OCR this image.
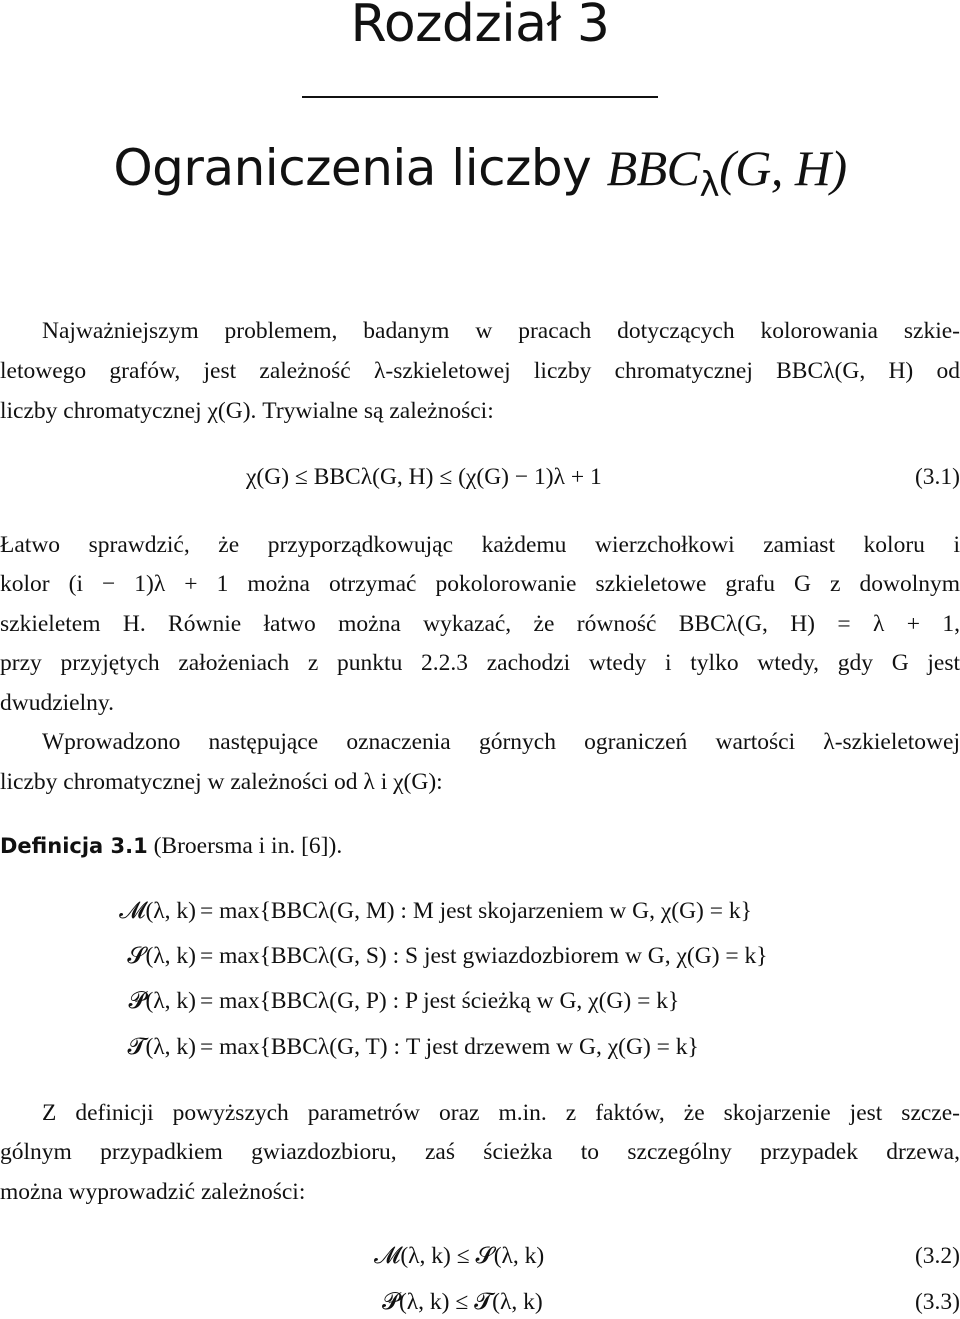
Rozdział 3
Ograniczenia liczby $BBC_\lambda(G$, H)
Najważniejszym problemem, badanym w pracach dotyczących kolorowania szkie-
letowego grafów, jest zależność λ-szkieletowej liczby chromatycznej BBCλ(G, H) od
liczby chromatycznej χ(G). Trywialne są zależności:
χ(G) ≤ BBCλ(G, H) ≤ (χ(G) − 1)λ + 1	(3.1)
Łatwo sprawdzić, że przyporządkowując każdemu wierzchołkowi zamiast koloru i
kolor (i − 1)λ + 1 można otrzymać pokolorowanie szkieletowe grafu G z dowolnym
szkieletem H. Równie łatwo można wykazać, że równość BBCλ(G, H) = λ + 1,
przy przyjętych założeniach z punktu 2.2.3 zachodzi wtedy i tylko wtedy, gdy G jest
dwudzielny.
Wprowadzono następujące oznaczenia górnych ograniczeń wartości λ-szkieletowej
liczby chromatycznej w zależności od λ i χ(G):
Definicja 3.1 (Broersma i in. [6]).
𝓜(λ, k) = max{BBCλ(G, M) : M jest skojarzeniem w G, χ(G) = k}
𝓢(λ, k) = max{BBCλ(G, S) : S jest gwiazdozbiorem w G, χ(G) = k}
𝓟(λ, k) = max{BBCλ(G, P) : P jest ścieżką w G, χ(G) = k}
𝓣(λ, k) = max{BBCλ(G, T) : T jest drzewem w G, χ(G) = k}
Z definicji powyższych parametrów oraz m.in. z faktów, że skojarzenie jest szcze-
gólnym przypadkiem gwiazdozbioru, zaś ścieżka to szczególny przypadek drzewa,
można wyprowadzić zależności:
𝓜(λ, k) ≤ 𝓢(λ, k)	(3.2)
𝓟(λ, k) ≤ 𝓣(λ, k)	(3.3)
